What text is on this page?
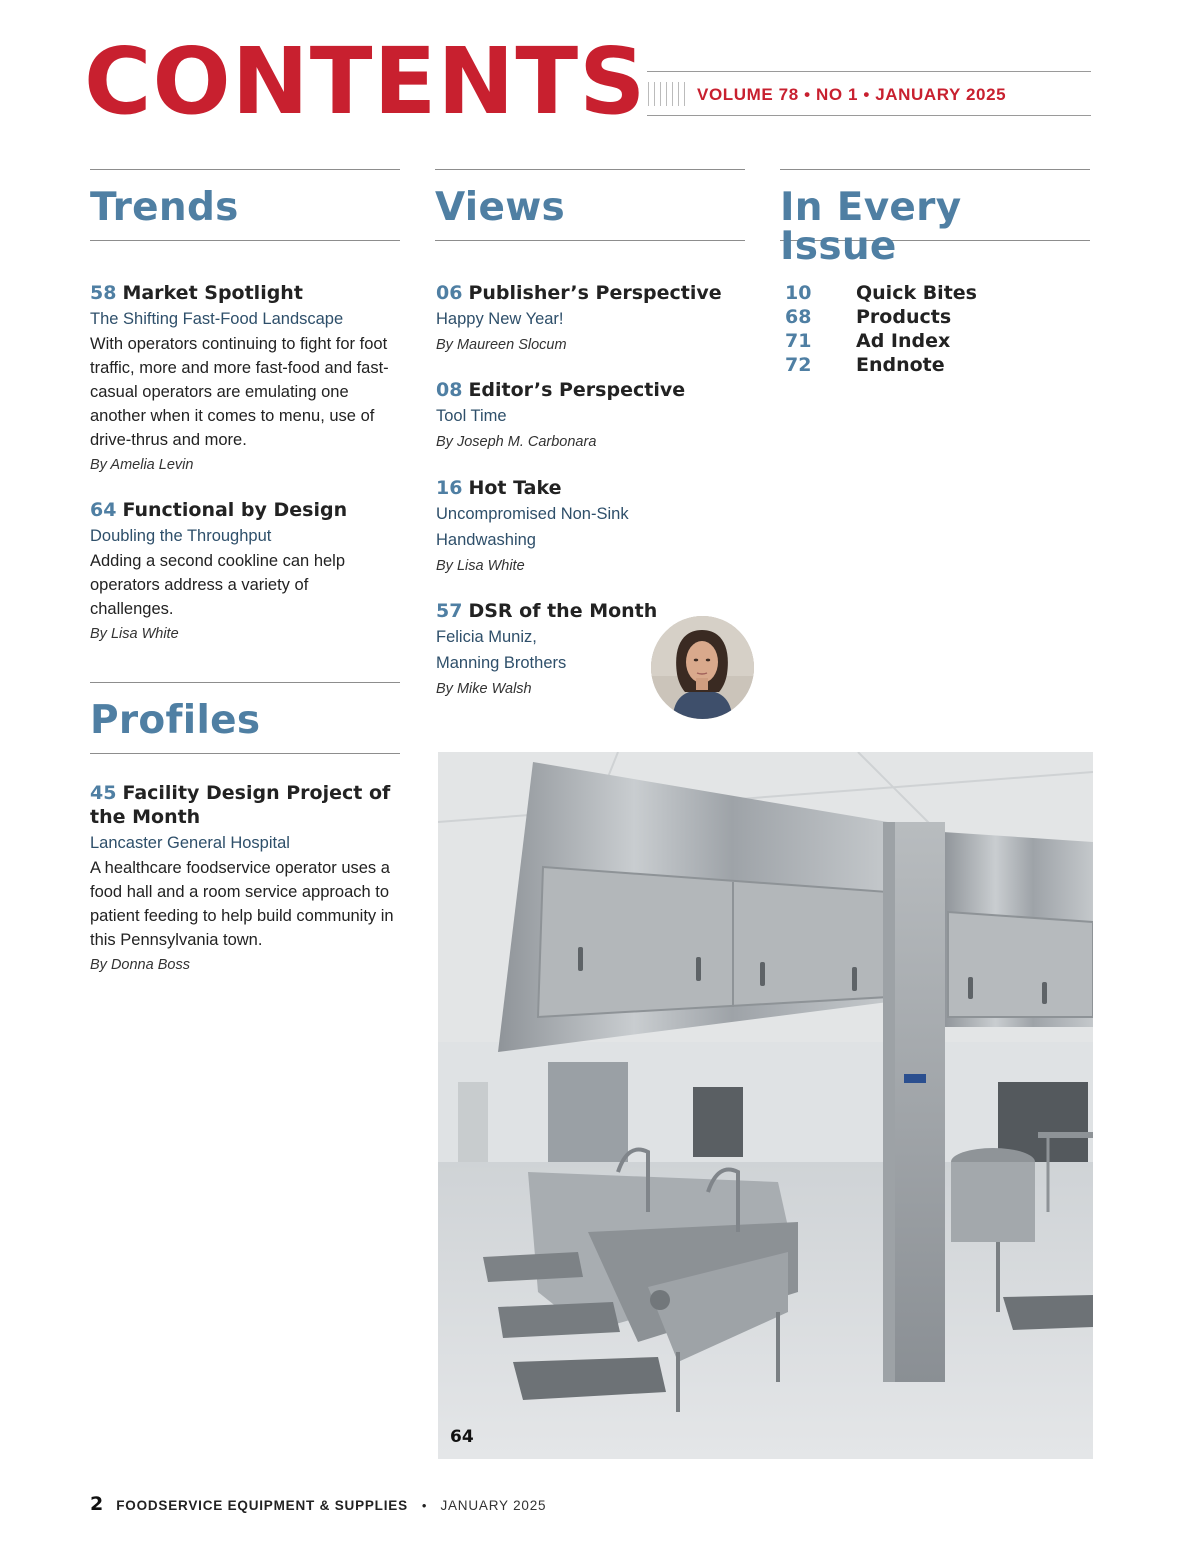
CONTENTS	VOLUME 78 • NO 1 • JANUARY 2025
Trends
58 Market Spotlight
The Shifting Fast-Food Landscape
With operators continuing to fight for foot traffic, more and more fast-food and fast-casual operators are emulating one another when it comes to menu, use of drive-thrus and more.
By Amelia Levin
64 Functional by Design
Doubling the Throughput
Adding a second cookline can help operators address a variety of challenges.
By Lisa White
Profiles
45 Facility Design Project of the Month
Lancaster General Hospital
A healthcare foodservice operator uses a food hall and a room service approach to patient feeding to help build community in this Pennsylvania town.
By Donna Boss
Views
06 Publisher’s Perspective
Happy New Year!
By Maureen Slocum
08 Editor’s Perspective
Tool Time
By Joseph M. Carbonara
16 Hot Take
Uncompromised Non-Sink
Handwashing
By Lisa White
57 DSR of the Month
Felicia Muniz,
Manning Brothers
By Mike Walsh
In Every Issue
10	Quick Bites
68	Products
71	Ad Index
72	Endnote
64
2 FOODSERVICE EQUIPMENT & SUPPLIES • JANUARY 2025
